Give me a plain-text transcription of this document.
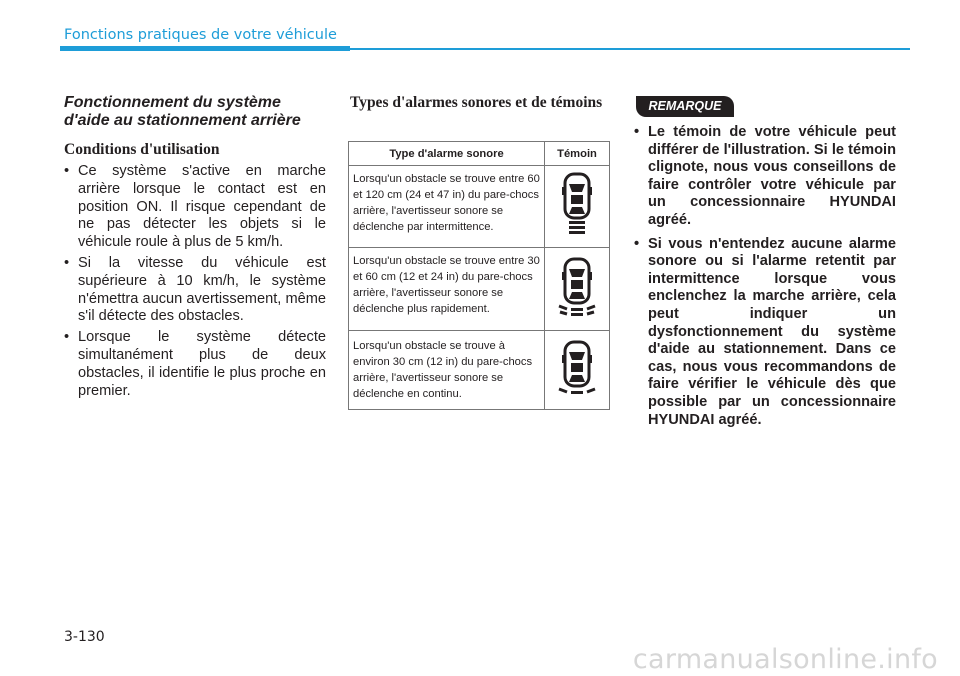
Fonctions pratiques de votre véhicule
Fonctionnement du système d'aide au stationnement arrière
Conditions d'utilisation
• Ce système s'active en marche arrière lorsque le contact est en position ON. Il risque cependant de ne pas détecter les objets si le véhicule roule à plus de 5 km/h.
• Si la vitesse du véhicule est supérieure à 10 km/h, le système n'émettra aucun avertissement, même s'il détecte des obstacles.
• Lorsque le système détecte simultanément plus de deux obstacles, il identifie le plus proche en premier.
Types d'alarmes sonores et de témoins
Type d'alarme sonore	Témoin
Lorsqu'un obstacle se trouve entre 60 et 120 cm (24 et 47 in) du pare-chocs arrière, l'avertisseur sonore se déclenche par intermittence.	
Lorsqu'un obstacle se trouve entre 30 et 60 cm (12 et 24 in) du pare-chocs arrière, l'avertisseur sonore se déclenche plus rapidement.	
Lorsqu'un obstacle se trouve à environ 30 cm (12 in) du pare-chocs arrière, l'avertisseur sonore se déclenche en continu.	
REMARQUE
• Le témoin de votre véhicule peut différer de l'illustration. Si le témoin clignote, nous vous conseillons de faire contrôler votre véhicule par un concessionnaire HYUNDAI agréé.
• Si vous n'entendez aucune alarme sonore ou si l'alarme retentit par intermittence lorsque vous enclenchez la marche arrière, cela peut indiquer un dysfonctionnement du système d'aide au stationnement. Dans ce cas, nous vous recommandons de faire vérifier le véhicule dès que possible par un concessionnaire HYUNDAI agréé.
3-130
carmanualsonline.info
